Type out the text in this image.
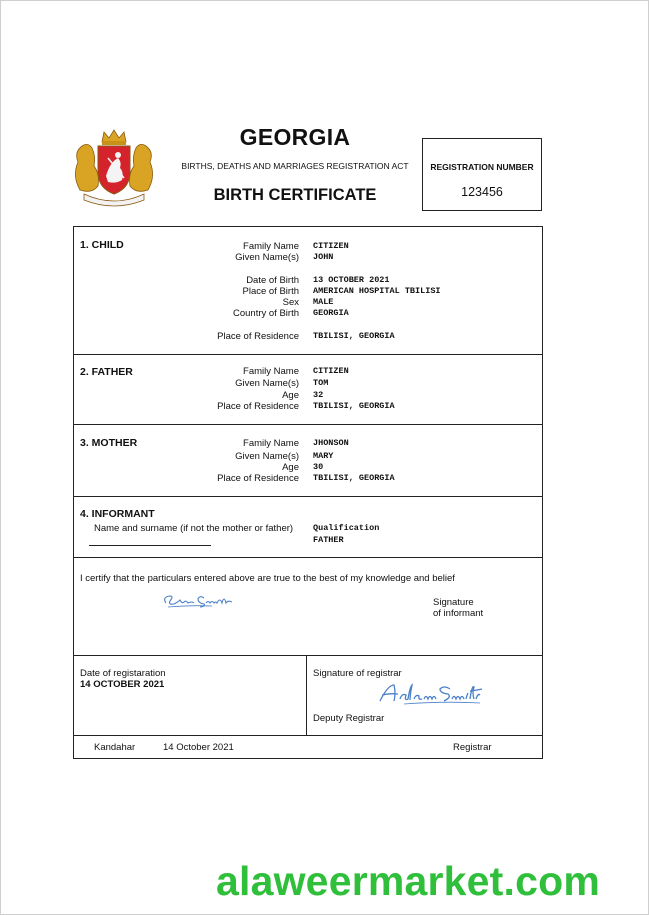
GEORGIA
BIRTHS, DEATHS AND MARRIAGES REGISTRATION ACT
BIRTH CERTIFICATE
REGISTRATION NUMBER
123456
1. CHILD	Family Name CITIZEN
Given Name(s) JOHN
Date of Birth 13 OCTOBER 2021
Place of Birth AMERICAN HOSPITAL TBILISI
Sex MALE
Country of Birth GEORGIA
Place of Residence TBILISI, GEORGIA
2. FATHER	Family Name CITIZEN
Given Name(s) TOM
Age 32
Place of Residence TBILISI, GEORGIA
3. MOTHER	Family Name JHONSON
Given Name(s) MARY
Age 30
Place of Residence TBILISI, GEORGIA
4. INFORMANT
Name and surname (if not the mother or father) Qualification
FATHER
I certify that the particulars entered above are true to the best of my knowledge and belief
Signature
of informant
Date of registaration
14 OCTOBER 2021
Signature of registrar
Deputy Registrar
Kandahar	14 October 2021	Registrar
alaweermarket.com
